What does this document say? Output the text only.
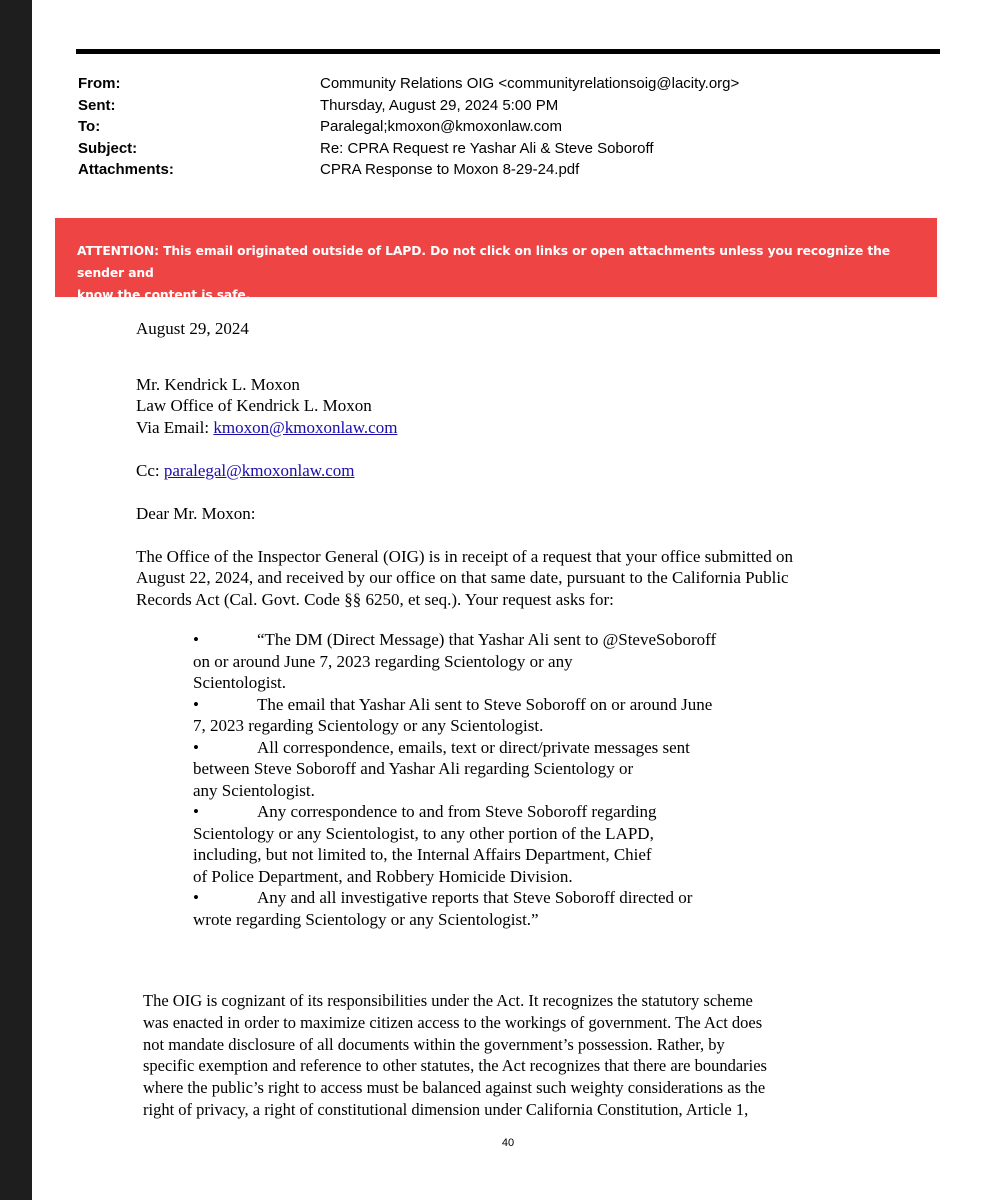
From:	Community Relations OIG <communityrelationsoig@lacity.org>
Sent:	Thursday, August 29, 2024 5:00 PM
To:	Paralegal;kmoxon@kmoxonlaw.com
Subject:	Re: CPRA Request re Yashar Ali & Steve Soboroff
Attachments:	CPRA Response to Moxon 8-29-24.pdf
ATTENTION: This email originated outside of LAPD. Do not click on links or open attachments unless you recognize the sender and
know the content is safe.

August 29, 2024

Mr. Kendrick L. Moxon

Law Office of Kendrick L. Moxon

Via Email: kmoxon@kmoxonlaw.com

Cc: paralegal@kmoxonlaw.com

Dear Mr. Moxon:

The Office of the Inspector General (OIG) is in receipt of a request that your office submitted on
August 22, 2024, and received by our office on that same date, pursuant to the California Public
Records Act (Cal. Govt. Code §§ 6250, et seq.). Your request asks for:
•	“The DM (Direct Message) that Yashar Ali sent to @SteveSoboroff
on or around June 7, 2023 regarding Scientology or any
Scientologist.
•	The email that Yashar Ali sent to Steve Soboroff on or around June
7, 2023 regarding Scientology or any Scientologist.
•	All correspondence, emails, text or direct/private messages sent
between Steve Soboroff and Yashar Ali regarding Scientology or
any Scientologist.
•	Any correspondence to and from Steve Soboroff regarding
Scientology or any Scientologist, to any other portion of the LAPD,
including, but not limited to, the Internal Affairs Department, Chief
of Police Department, and Robbery Homicide Division.
•	Any and all investigative reports that Steve Soboroff directed or
wrote regarding Scientology or any Scientologist.”
The OIG is cognizant of its responsibilities under the Act. It recognizes the statutory scheme
was enacted in order to maximize citizen access to the workings of government. The Act does
not mandate disclosure of all documents within the government’s possession. Rather, by
specific exemption and reference to other statutes, the Act recognizes that there are boundaries
where the public’s right to access must be balanced against such weighty considerations as the
right of privacy, a right of constitutional dimension under California Constitution, Article 1,
40
